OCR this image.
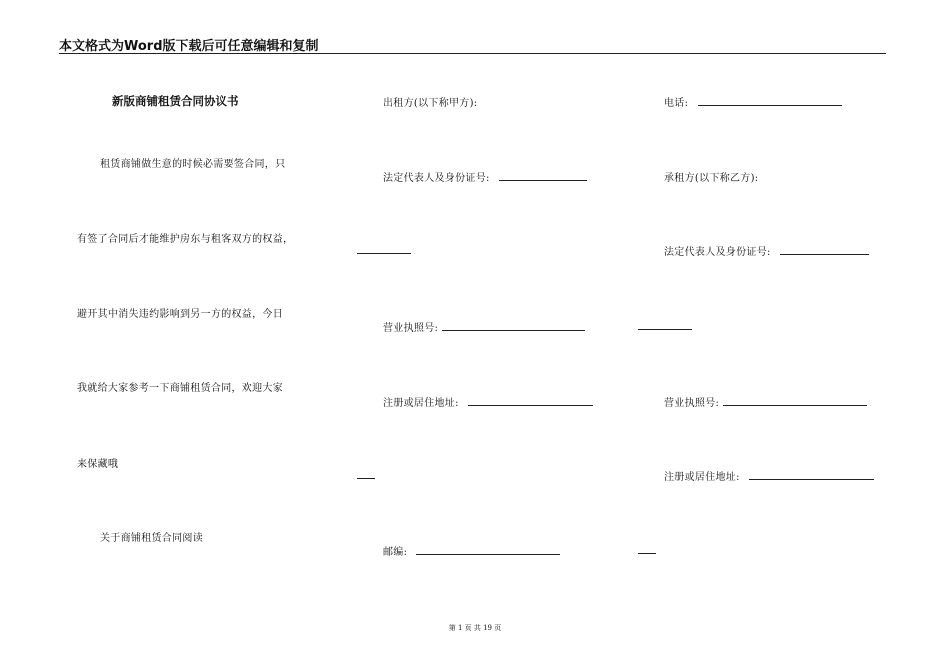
本文格式为Word版下载后可任意编辑和复制
新版商铺租赁合同协议书
租赁商铺做生意的时候必需要签合同，只
有签了合同后才能维护房东与租客双方的权益，
避开其中消失违约影响到另一方的权益，今日
我就给大家参考一下商铺租赁合同，欢迎大家
来保藏哦
关于商铺租赁合同阅读
出租方(以下称甲方):
法定代表人及身份证号:
营业执照号:
注册或居住地址:
邮编:
电话:
承租方(以下称乙方):
法定代表人及身份证号:
营业执照号:
注册或居住地址:
第 1 页 共 19 页
